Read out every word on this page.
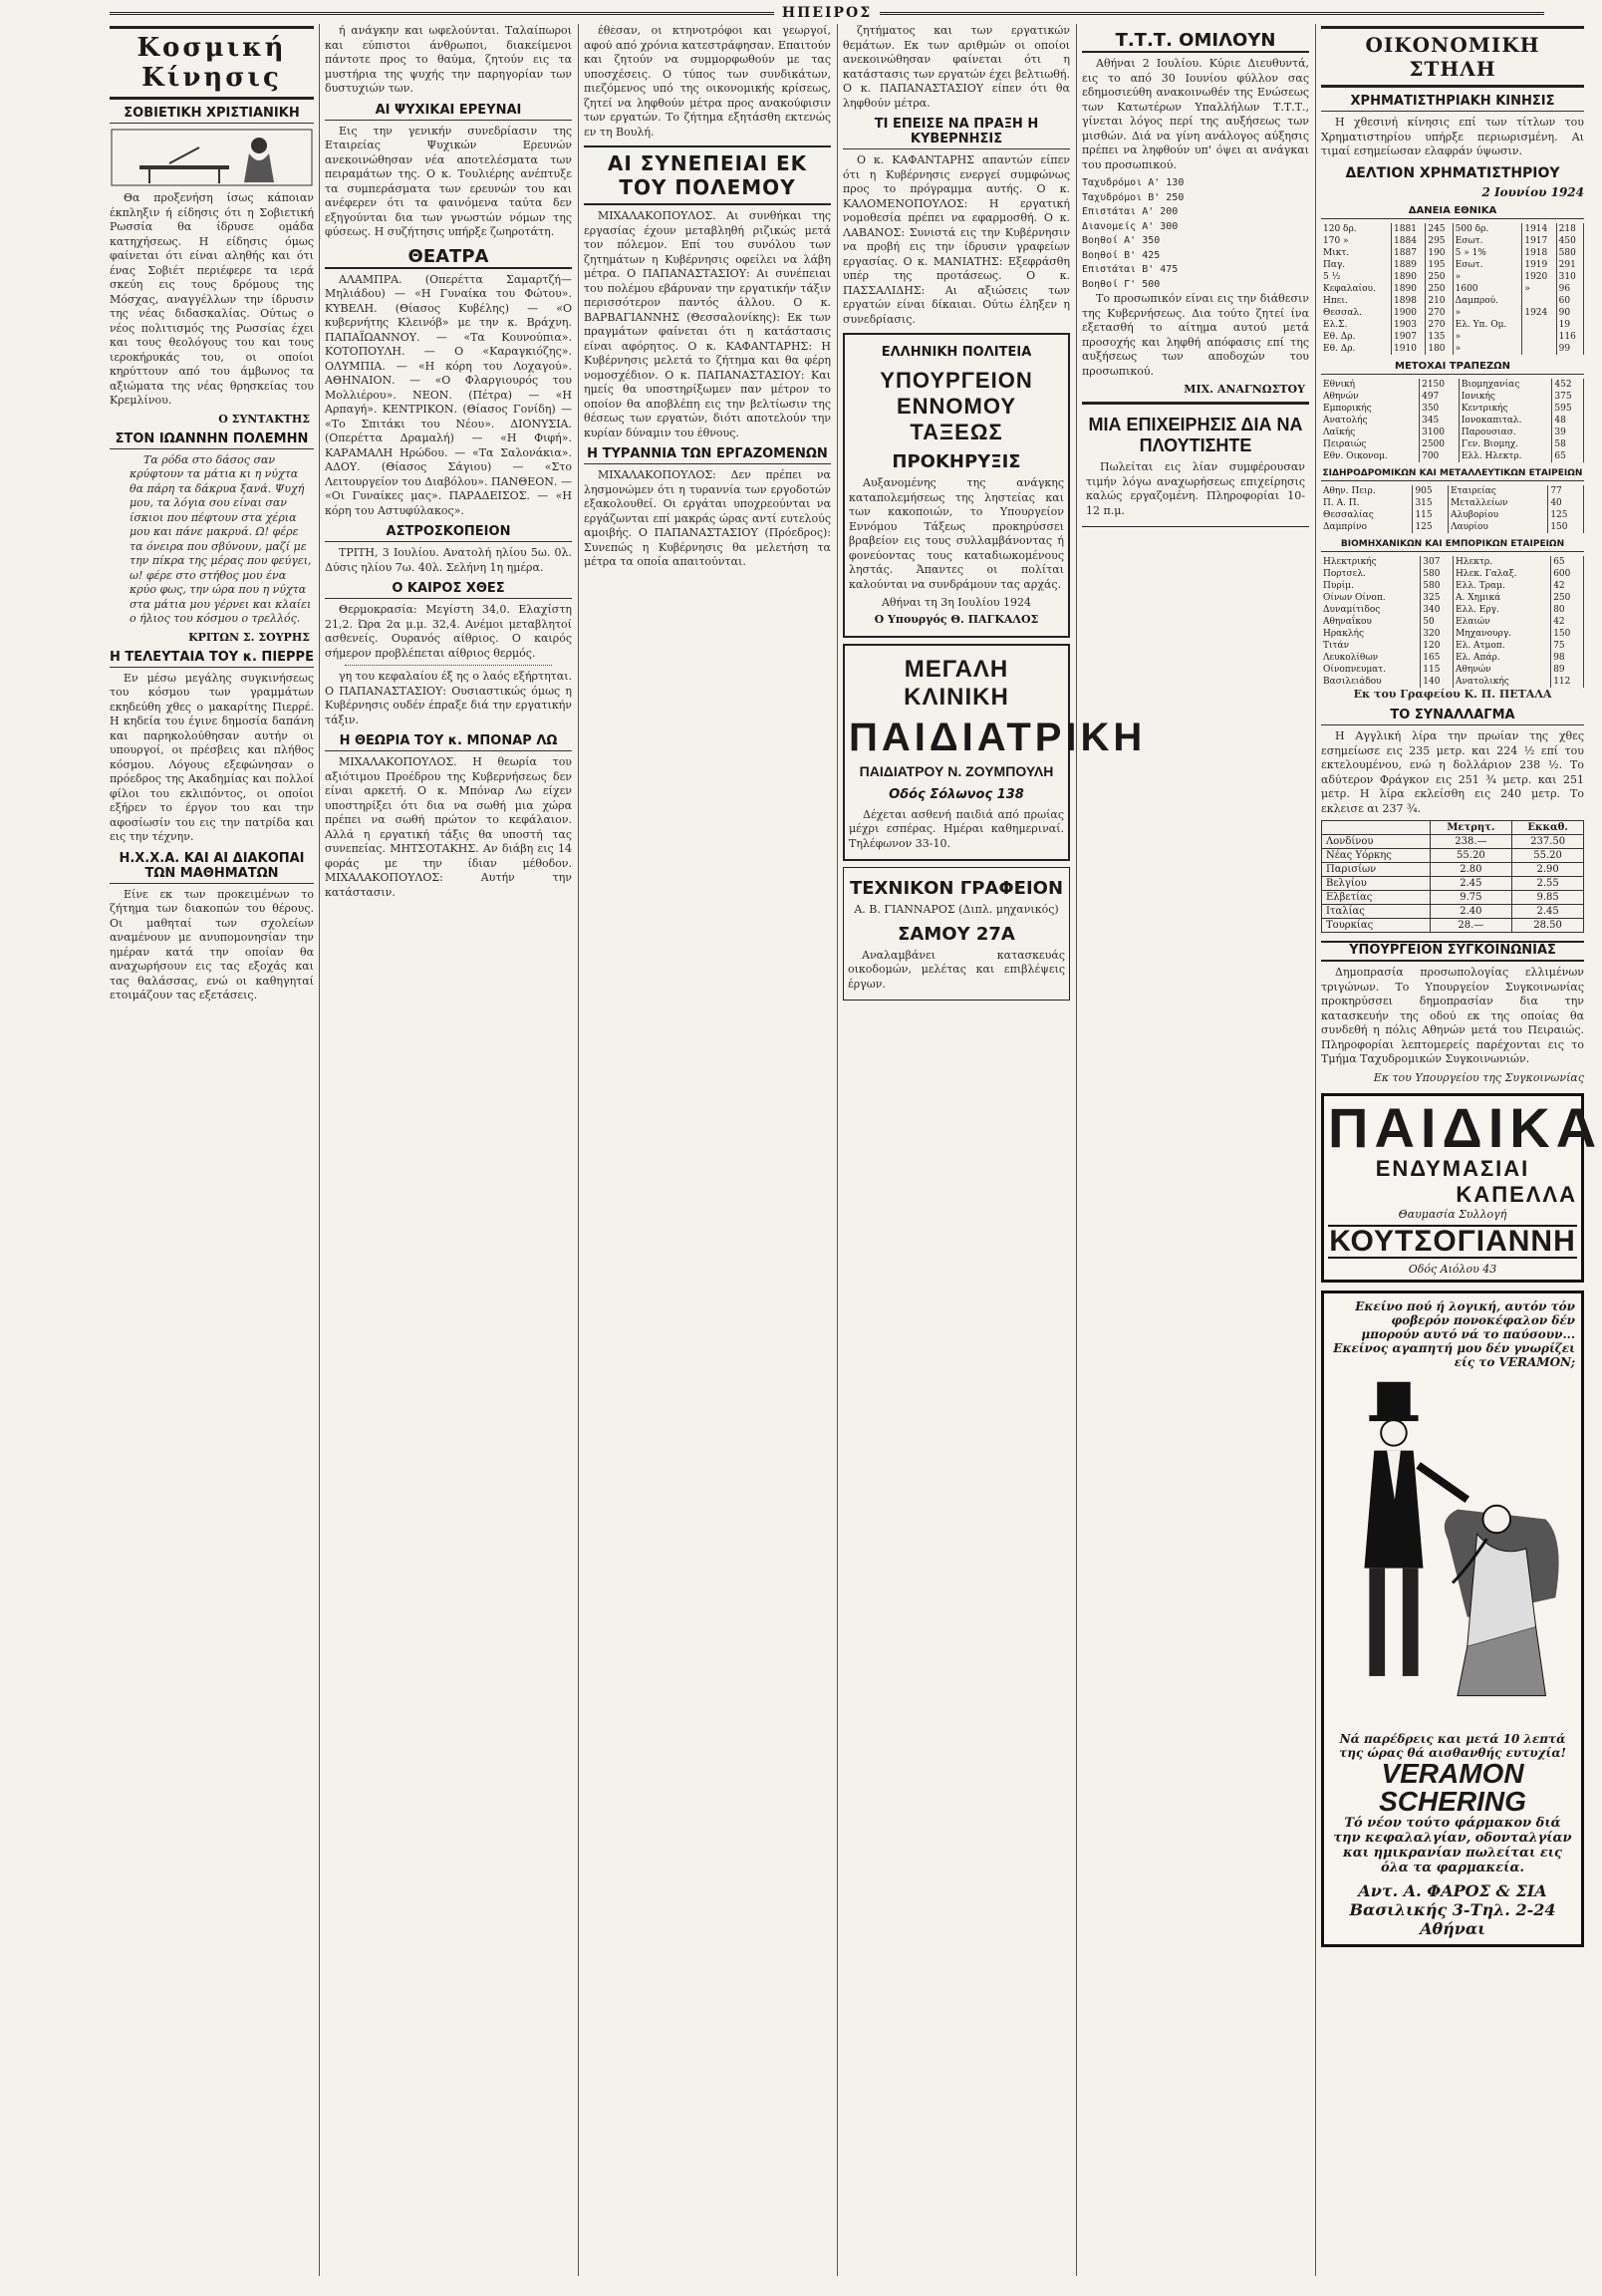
ΗΠΕΙΡΟΣ
Κοσμική Κίνησις
ΣΟΒΙΕΤΙΚΗ ΧΡΙΣΤΙΑΝΙΚΗ

Θα προξενήση ίσως κάποιαν έκπληξιν ή είδησις ότι η Σοβιετική Ρωσσία θα ίδρυσε ομάδα κατηχήσεως. Η είδησις όμως φαίνεται ότι είναι αληθής και ότι ένας Σοβιέτ περιέφερε τα ιερά σκεύη εις τους δρόμους της Μόσχας, αναγγέλλων την ίδρυσιν της νέας διδασκαλίας. Ούτως ο νέος πολιτισμός της Ρωσσίας έχει και τους θεολόγους του και τους ιεροκήρυκάς του, οι οποίοι κηρύττουν από του άμβωνος τα αξιώματα της νέας θρησκείας του Κρεμλίνου.

Ο ΣΥΝΤΑΚΤΗΣ
ΣΤΟΝ ΙΩΑΝΝΗΝ ΠΟΛΕΜΗΝ

Τα ρόδα στο δάσος σαν κρύφτουν τα μάτια κι η νύχτα θα πάρη τα δάκρυα ξανά. Ψυχή μου, τα λόγια σου είναι σαν ίσκιοι που πέφτουν στα χέρια μου και πάνε μακρυά. Ω! φέρε τα όνειρα που σβύνουν, μαζί με την πίκρα της μέρας που φεύγει, ω! φέρε στο στήθος μου ένα κρύο φως, την ώρα που η νύχτα στα μάτια μου γέρνει και κλαίει ο ήλιος του κόσμου ο τρελλός.

ΚΡΙΤΩΝ Σ. ΣΟΥΡΗΣ
Η ΤΕΛΕΥΤΑΙΑ ΤΟΥ κ. ΠΙΕΡΡΕ

Εν μέσω μεγάλης συγκινήσεως του κόσμου των γραμμάτων εκηδεύθη χθες ο μακαρίτης Πιερρέ. Η κηδεία του έγινε δημοσία δαπάνη και παρηκολούθησαν αυτήν οι υπουργοί, οι πρέσβεις και πλήθος κόσμου. Λόγους εξεφώνησαν ο πρόεδρος της Ακαδημίας και πολλοί φίλοι του εκλιπόντος, οι οποίοι εξήρεν το έργον του και την αφοσίωσίν του εις την πατρίδα και εις την τέχνην.

Η.Χ.Χ.Α. ΚΑΙ ΑΙ ΔΙΑΚΟΠΑΙ ΤΩΝ ΜΑΘΗΜΑΤΩΝ

Είνε εκ των προκειμένων το ζήτημα των διακοπών του θέρους. Οι μαθηταί των σχολείων αναμένουν με ανυπομονησίαν την ημέραν κατά την οποίαν θα αναχωρήσουν εις τας εξοχάς και τας θαλάσσας, ενώ οι καθηγηταί ετοιμάζουν τας εξετάσεις.

ή ανάγκην και ωφελούνται. Ταλαίπωροι και εύπιστοι άνθρωποι, διακείμενοι πάντοτε προς το θαύμα, ζητούν εις τα μυστήρια της ψυχής την παρηγορίαν των δυστυχιών των.

ΑΙ ΨΥΧΙΚΑΙ ΕΡΕΥΝΑΙ

Εις την γενικήν συνεδρίασιν της Εταιρείας Ψυχικών Ερευνών ανεκοινώθησαν νέα αποτελέσματα των πειραμάτων της. Ο κ. Τουλιέρης ανέπτυξε τα συμπεράσματα των ερευνών του και ανέφερεν ότι τα φαινόμενα ταύτα δεν εξηγούνται δια των γνωστών νόμων της φύσεως. Η συζήτησις υπήρξε ζωηροτάτη.

ΘΕΑΤΡΑ

ΑΛΑΜΠΡΑ. (Οπερέττα Σαμαρτζή—Μηλιάδου) — «Η Γυναίκα του Φώτου». ΚΥΒΕΛΗ. (Θίασος Κυβέλης) — «Ο κυβερνήτης Κλεινόβ» με την κ. Βράχνη. ΠΑΠΑΪΩΑΝΝΟΥ. — «Τα Κουνούπια». ΚΟΤΟΠΟΥΛΗ. — Ο «Καραγκιόζης». ΟΛΥΜΠΙΑ. — «Η κόρη του Λοχαγού». ΑΘΗΝΑΙΟΝ. — «Ο Φλαργιουρός του Μολλιέρου». ΝΕΟΝ. (Πέτρα) — «Η Αρπαγή». ΚΕΝΤΡΙΚΟΝ. (Θίασος Γονίδη) — «Το Σπιτάκι του Νέου». ΔΙΟΝΥΣΙΑ. (Οπερέττα Δραμαλή) — «Η Φιφή». ΚΑΡΑΜΑΛΗ Ηρώδου. — «Τα Σαλονάκια». ΑΔΟΥ. (Θίασος Σάγιου) — «Στο Λειτουργείον του Διαβόλου». ΠΑΝΘΕΟΝ. — «Οι Γυναίκες μας». ΠΑΡΑΔΕΙΣΟΣ. — «Η κόρη του Αστυφύλακος».

ΑΣΤΡΟΣΚΟΠΕΙΟΝ

ΤΡΙΤΗ, 3 Ιουλίου. Ανατολή ηλίου 5ω. 0λ. Δύσις ηλίου 7ω. 40λ. Σελήνη 1η ημέρα.

Ο ΚΑΙΡΟΣ ΧΘΕΣ

Θερμοκρασία: Μεγίστη 34,0. Ελαχίστη 21,2. Ώρα 2α μ.μ. 32,4. Ανέμοι μεταβλητοί ασθενείς. Ουρανός αίθριος. Ο καιρός σήμερον προβλέπεται αίθριος θερμός.

γη του κεφαλαίου έξ ης ο λαός εξήρτηται. Ο ΠΑΠΑΝΑΣΤΑΣΙΟΥ: Ουσιαστικώς όμως η Κυβέρνησις ουδέν έπραξε διά την εργατικήν τάξιν.

Η ΘΕΩΡΙΑ ΤΟΥ κ. ΜΠΟΝΑΡ ΛΩ

ΜΙΧΑΛΑΚΟΠΟΥΛΟΣ. Η θεωρία του αξιότιμου Προέδρου της Κυβερνήσεως δεν είναι αρκετή. Ο κ. Μπόναρ Λω είχεν υποστηρίξει ότι δια να σωθή μια χώρα πρέπει να σωθή πρώτον το κεφάλαιον. Αλλά η εργατική τάξις θα υποστή τας συνεπείας. ΜΗΤΣΟΤΑΚΗΣ. Αν διάβη εις 14 φοράς με την ίδιαν μέθοδον. ΜΙΧΑΛΑΚΟΠΟΥΛΟΣ: Αυτήν την κατάστασιν.

έθεσαν, οι κτηνοτρόφοι και γεωργοί, αφού από χρόνια κατεστράφησαν. Επαιτούν και ζητούν να συμμορφωθούν με τας υποσχέσεις. Ο τύπος των συνδικάτων, πιεζόμενος υπό της οικονομικής κρίσεως, ζητεί να ληφθούν μέτρα προς ανακούφισιν των εργατών. Το ζήτημα εξητάσθη εκτενώς εν τη Βουλή.

ΑΙ ΣΥΝΕΠΕΙΑΙ ΕΚ ΤΟΥ ΠΟΛΕΜΟΥ

ΜΙΧΑΛΑΚΟΠΟΥΛΟΣ. Αι συνθήκαι της εργασίας έχουν μεταβληθή ριζικώς μετά τον πόλεμον. Επί του συνόλου των ζητημάτων η Κυβέρνησις οφείλει να λάβη μέτρα. Ο ΠΑΠΑΝΑΣΤΑΣΙΟΥ: Αι συνέπειαι του πολέμου εβάρυναν την εργατικήν τάξιν περισσότερον παντός άλλου. Ο κ. ΒΑΡΒΑΓΙΑΝΝΗΣ (Θεσσαλονίκης): Εκ των πραγμάτων φαίνεται ότι η κατάστασις είναι αφόρητος. Ο κ. ΚΑΦΑΝΤΑΡΗΣ: Η Κυβέρνησις μελετά το ζήτημα και θα φέρη νομοσχέδιον. Ο κ. ΠΑΠΑΝΑΣΤΑΣΙΟΥ: Και ημείς θα υποστηρίξωμεν παν μέτρον το οποίον θα αποβλέπη εις την βελτίωσιν της θέσεως των εργατών, διότι αποτελούν την κυρίαν δύναμιν του έθνους.

Η ΤΥΡΑΝΝΙΑ ΤΩΝ ΕΡΓΑΖΟΜΕΝΩΝ

ΜΙΧΑΛΑΚΟΠΟΥΛΟΣ: Δεν πρέπει να λησμονώμεν ότι η τυραννία των εργοδοτών εξακολουθεί. Οι εργάται υποχρεούνται να εργάζωνται επί μακράς ώρας αντί ευτελούς αμοιβής. Ο ΠΑΠΑΝΑΣΤΑΣΙΟΥ (Πρόεδρος): Συνεπώς η Κυβέρνησις θα μελετήση τα μέτρα τα οποία απαιτούνται.

ζητήματος και των εργατικών θεμάτων. Εκ των αριθμών οι οποίοι ανεκοινώθησαν φαίνεται ότι η κατάστασις των εργατών έχει βελτιωθή. Ο κ. ΠΑΠΑΝΑΣΤΑΣΙΟΥ είπεν ότι θα ληφθούν μέτρα.

ΤΙ ΕΠΕΙΣΕ ΝΑ ΠΡΑΞΗ Η ΚΥΒΕΡΝΗΣΙΣ

Ο κ. ΚΑΦΑΝΤΑΡΗΣ απαντών είπεν ότι η Κυβέρνησις ενεργεί συμφώνως προς το πρόγραμμα αυτής. Ο κ. ΚΑΛΟΜΕΝΟΠΟΥΛΟΣ: Η εργατική νομοθεσία πρέπει να εφαρμοσθή. Ο κ. ΛΑΒΑΝΟΣ: Συνιστά εις την Κυβέρνησιν να προβή εις την ίδρυσιν γραφείων εργασίας. Ο κ. ΜΑΝΙΑΤΗΣ: Εξεφράσθη υπέρ της προτάσεως. Ο κ. ΠΑΣΣΑΛΙΔΗΣ: Αι αξιώσεις των εργατών είναι δίκαιαι. Ούτω έληξεν η συνεδρίασις.

ΕΛΛΗΝΙΚΗ ΠΟΛΙΤΕΙΑ
ΥΠΟΥΡΓΕΙΟΝ ΕΝΝΟΜΟΥ ΤΑΞΕΩΣ
ΠΡΟΚΗΡΥΞΙΣ

Αυξανομένης της ανάγκης καταπολεμήσεως της ληστείας και των κακοποιών, το Υπουργείον Εννόμου Τάξεως προκηρύσσει βραβείον εις τους συλλαμβάνοντας ή φονεύοντας τους καταδιωκομένους ληστάς. Άπαντες οι πολίται καλούνται να συνδράμουν τας αρχάς.

Αθήναι τη 3η Ιουλίου 1924
Ο Υπουργός Θ. ΠΑΓΚΑΛΟΣ
ΜΕΓΑΛΗ ΚΛΙΝΙΚΗ
ΠΑΙΔΙΑΤΡΙΚΗ
ΠΑΙΔΙΑΤΡΟΥ Ν. ΖΟΥΜΠΟΥΛΗ
Οδός Σόλωνος 138

Δέχεται ασθενή παιδιά από πρωίας μέχρι εσπέρας. Ημέραι καθημεριναί. Τηλέφωνον 33-10.

ΤΕΧΝΙΚΟΝ ΓΡΑΦΕΙΟΝ
Α. Β. ΓΙΑΝΝΑΡΟΣ (Διπλ. μηχανικός)
ΣΑΜΟΥ 27Α

Αναλαμβάνει κατασκευάς οικοδομών, μελέτας και επιβλέψεις έργων.

Τ.Τ.Τ. ΟΜΙΛΟΥΝ

Αθήναι 2 Ιουλίου. Κύριε Διευθυντά, εις το από 30 Ιουνίου φύλλον σας εδημοσιεύθη ανακοινωθέν της Ενώσεως των Κατωτέρων Υπαλλήλων Τ.Τ.Τ., γίνεται λόγος περί της αυξήσεως των μισθών. Διά να γίνη ανάλογος αύξησις πρέπει να ληφθούν υπ' όψει αι ανάγκαι του προσωπικού.

Ταχυδρόμοι Α' 130
Ταχυδρόμοι Β' 250
Επιστάται Α' 200
Διανομείς Α' 300
Βοηθοί Α' 350
Βοηθοί Β' 425
Επιστάται Β' 475
Βοηθοί Γ' 500

Το προσωπικόν είναι εις την διάθεσιν της Κυβερνήσεως. Δια τούτο ζητεί ίνα εξετασθή το αίτημα αυτού μετά προσοχής και ληφθή απόφασις επί της αυξήσεως των αποδοχών του προσωπικού.

ΜΙΧ. ΑΝΑΓΝΩΣΤΟΥ
ΜΙΑ ΕΠΙΧΕΙΡΗΣΙΣ ΔΙΑ ΝΑ ΠΛΟΥΤΙΣΗΤΕ

Πωλείται εις λίαν συμφέρουσαν τιμήν λόγω αναχωρήσεως επιχείρησις καλώς εργαζομένη. Πληροφορίαι 10-12 π.μ.

ΟΙΚΟΝΟΜΙΚΗ ΣΤΗΛΗ
ΧΡΗΜΑΤΙΣΤΗΡΙΑΚΗ ΚΙΝΗΣΙΣ

Η χθεσινή κίνησις επί των τίτλων του Χρηματιστηρίου υπήρξε περιωρισμένη. Αι τιμαί εσημείωσαν ελαφράν ύψωσιν.

ΔΕΛΤΙΟΝ ΧΡΗΜΑΤΙΣΤΗΡΙΟΥ
2 Ιουνίου 1924
ΔΑΝΕΙΑ ΕΘΝΙΚΑ
120 δρ.	1881	245	500 δρ.	1914	218
170 »	1884	295	Εσωτ.	1917	450
Μικτ.	1887	190	5 » 1%	1918	580
Παγ.	1889	195	Εσωτ.	1919	291
5 ½	1890	250	»	1920	310
Κεφαλαίου.	1890	250	1600	»	96
Ηπει.	1898	210	Δαμπρού.		60
Θεσσαλ.	1900	270	»	1924	90
Ελ.Σ.	1903	270	Ελ. Υπ. Ομ.		19
Εθ. Δρ.	1907	135	»		116
Εθ. Δρ.	1910	180	»		99
ΜΕΤΟΧΑΙ ΤΡΑΠΕΖΩΝ
Εθνική	2150	Βιομηχανίας	452
Αθηνών	497	Ιονικής	375
Εμπορικής	350	Κεντρικής	595
Ανατολής	345	Ιονοκαπιταλ.	48
Λαϊκής	3100	Παρουσιασ.	39
Πειραιώς	2500	Γεν. Βιομηχ.	58
Εθν. Οικονομ.	700	Ελλ. Ηλεκτρ.	65
ΣΙΔΗΡΟΔΡΟΜΙΚΩΝ ΚΑΙ ΜΕΤΑΛΛΕΥΤΙΚΩΝ ΕΤΑΙΡΕΙΩΝ
Αθην. Πειρ.	905	Εταιρείας	77
Π. Α. Π.	315	Μεταλλείων	40
Θεσσαλίας	115	Αλυβορίου	125
Δαμπρίνο	125	Λαυρίου	150
ΒΙΟΜΗΧΑΝΙΚΩΝ ΚΑΙ ΕΜΠΟΡΙΚΩΝ ΕΤΑΙΡΕΙΩΝ
Ηλεκτρικής	307	Ηλεκτρ.	65
Πορτσελ.	580	Ηλεκ. Γαλαξ.	600
Πυρίμ.	580	Ελλ. Τραμ.	42
Οίνων Οίνοπ.	325	Α. Χημικά	250
Δυναμίτιδος	340	Ελλ. Εργ.	80
Αθηναΐκου	50	Ελαιών	42
Ηρακλής	320	Μηχανουργ.	150
Τιτάν	120	Ελ. Ατμοπ.	75
Λευκολίθων	165	Ελ. Απάρ.	98
Οίνοπνευματ.	115	Αθηνών	89
Βασιλειάδου	140	Ανατολικής	112
Εκ του Γραφείου Κ. Π. ΠΕΤΑΛΑ
ΤΟ ΣΥΝΑΛΛΑΓΜΑ

Η Αγγλική λίρα την πρωίαν της χθες εσημείωσε εις 235 μετρ. και 224 ½ επί του εκτελουμένου, ενώ η δολλάριον 238 ½. Το αδύτερον Φράγκον εις 251 ¾ μετρ. και 251 μετρ. Η λίρα εκλείσθη εις 240 μετρ. Το εκλεισε αι 237 ¾.

	Μετρητ.	Εκκαθ.
Λονδίνου	238.—	237.50
Νέας Υόρκης	55.20	55.20
Παρισίων	2.80	2.90
Βελγίου	2.45	2.55
Ελβετίας	9.75	9.85
Ιταλίας	2.40	2.45
Τουρκίας	28.—	28.50
ΥΠΟΥΡΓΕΙΟΝ ΣΥΓΚΟΙΝΩΝΙΑΣ

Δημοπρασία προσωπολογίας ελλιμένων τριγώνων. Το Υπουργείον Συγκοινωνίας προκηρύσσει δημοπρασίαν δια την κατασκευήν της οδού εκ της οποίας θα συνδεθή η πόλις Αθηνών μετά του Πειραιώς. Πληροφορίαι λεπτομερείς παρέχονται εις το Τμήμα Ταχυδρομικών Συγκοινωνιών.

Εκ του Υπουργείου της Συγκοινωνίας
ΠΑΙΔΙΚΑ
ΕΝΔΥΜΑΣΙΑΙ
ΚΑΠΕΛΛΑ
Θαυμασία Συλλογή
ΚΟΥΤΣΟΓΙΑΝΝΗ
Οδός Αιόλου 43
Εκείνο πού ή λογική, αυτόν τόν φοβερόν πονοκέφαλον δέν μπορούν αυτό νά το παύσουν... Εκείνος αγαπητή μου δέν γνωρίζει είς το VERAMON;
Νά παρέδρεις και μετά 10 λεπτά της ώρας θά αισθανθής ευτυχία!
VERAMON SCHERING
Τό νέον τούτο φάρμακον διά την κεφαλαλγίαν, οδονταλγίαν και ημικρανίαν πωλείται εις όλα τα φαρμακεία.
Αντ. Α. ΦΑΡΟΣ & ΣΙΑ
Βασιλικής 3-Τηλ. 2-24
Αθήναι
